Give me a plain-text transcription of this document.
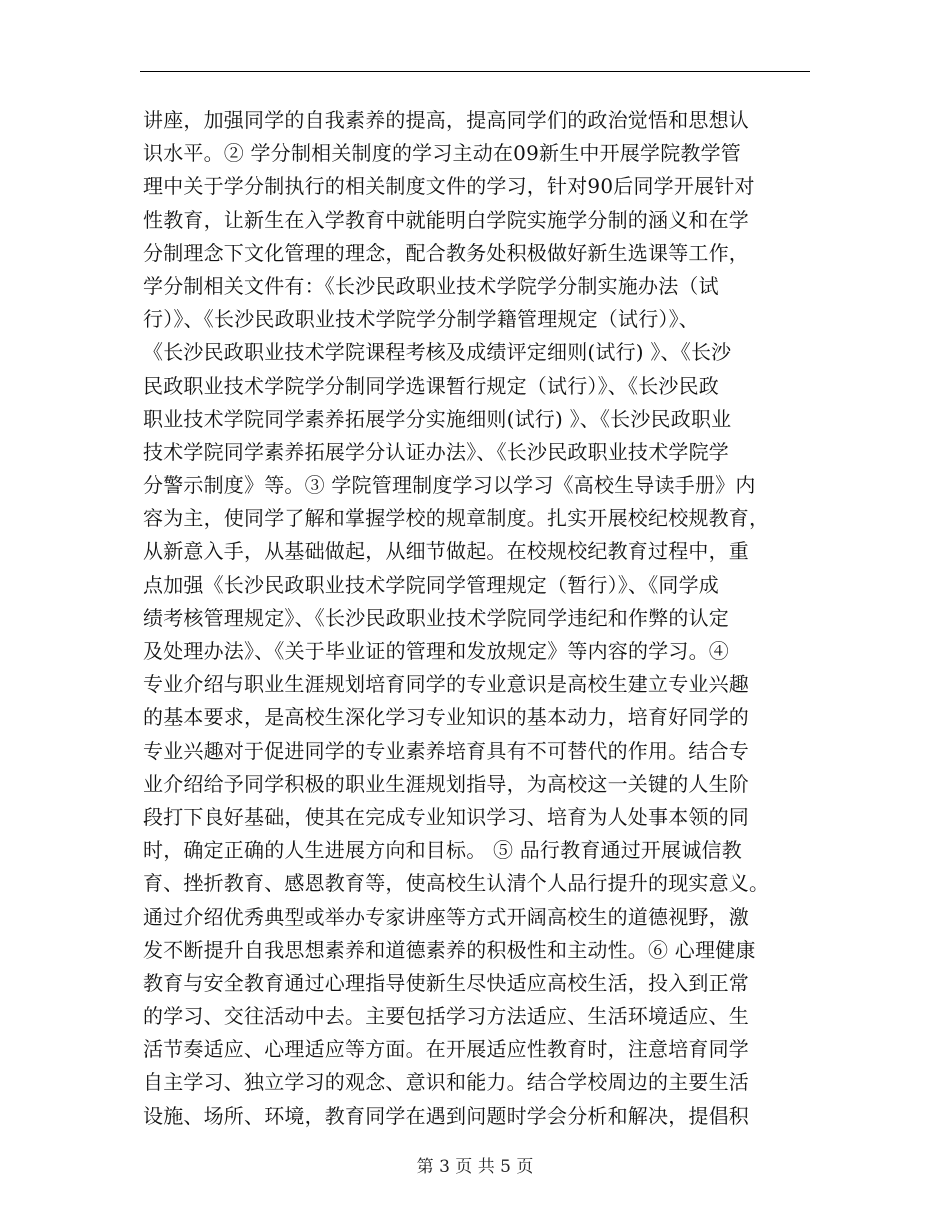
讲座，加强同学的自我素养的提高，提高同学们的政治觉悟和思想认
识水平。② 学分制相关制度的学习主动在09新生中开展学院教学管
理中关于学分制执行的相关制度文件的学习，针对90后同学开展针对
性教育，让新生在入学教育中就能明白学院实施学分制的涵义和在学
分制理念下文化管理的理念，配合教务处积极做好新生选课等工作，
学分制相关文件有：《长沙民政职业技术学院学分制实施办法（试
行）》、《长沙民政职业技术学院学分制学籍管理规定（试行）》、
《长沙民政职业技术学院课程考核及成绩评定细则(试行) 》、《长沙
民政职业技术学院学分制同学选课暂行规定（试行）》、《长沙民政
职业技术学院同学素养拓展学分实施细则(试行) 》、《长沙民政职业
技术学院同学素养拓展学分认证办法》、《长沙民政职业技术学院学
分警示制度》等。③ 学院管理制度学习以学习《高校生导读手册》内
容为主，使同学了解和掌握学校的规章制度。扎实开展校纪校规教育，
从新意入手，从基础做起，从细节做起。在校规校纪教育过程中，重
点加强《长沙民政职业技术学院同学管理规定（暂行）》、《同学成
绩考核管理规定》、《长沙民政职业技术学院同学违纪和作弊的认定
及处理办法》、《关于毕业证的管理和发放规定》等内容的学习。④
专业介绍与职业生涯规划培育同学的专业意识是高校生建立专业兴趣
的基本要求，是高校生深化学习专业知识的基本动力，培育好同学的
专业兴趣对于促进同学的专业素养培育具有不可替代的作用。结合专
业介绍给予同学积极的职业生涯规划指导，为高校这一关键的人生阶
段打下良好基础，使其在完成专业知识学习、培育为人处事本领的同
时，确定正确的人生进展方向和目标。 ⑤ 品行教育通过开展诚信教
育、挫折教育、感恩教育等，使高校生认清个人品行提升的现实意义。
通过介绍优秀典型或举办专家讲座等方式开阔高校生的道德视野，激
发不断提升自我思想素养和道德素养的积极性和主动性。⑥ 心理健康
教育与安全教育通过心理指导使新生尽快适应高校生活，投入到正常
的学习、交往活动中去。主要包括学习方法适应、生活环境适应、生
活节奏适应、心理适应等方面。在开展适应性教育时，注意培育同学
自主学习、独立学习的观念、意识和能力。结合学校周边的主要生活
设施、场所、环境，教育同学在遇到问题时学会分析和解决，提倡积
第 3 页 共 5 页
